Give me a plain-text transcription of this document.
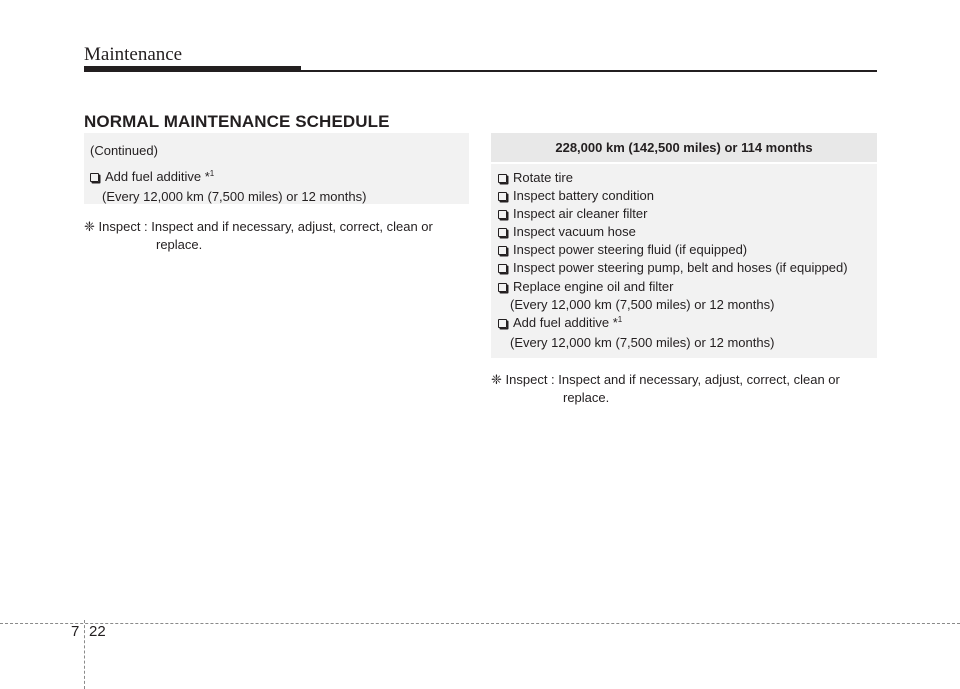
Maintenance
NORMAL MAINTENANCE SCHEDULE
(Continued)
Add fuel additive *$^1$
(Every 12,000 km (7,500 miles) or 12 months)
❈
Inspect :
Inspect and if necessary, adjust, correct, clean or
replace.
228,000 km (142,500 miles) or 114 months
Rotate tire
Inspect battery condition
Inspect air cleaner filter
Inspect vacuum hose
Inspect power steering fluid (if equipped)
Inspect power steering pump, belt and hoses (if equipped)
Replace engine oil and filter
(Every 12,000 km (7,500 miles) or 12 months)
Add fuel additive *$^1$
(Every 12,000 km (7,500 miles) or 12 months)
❈
Inspect :
Inspect and if necessary, adjust, correct, clean or
replace.
7 22
